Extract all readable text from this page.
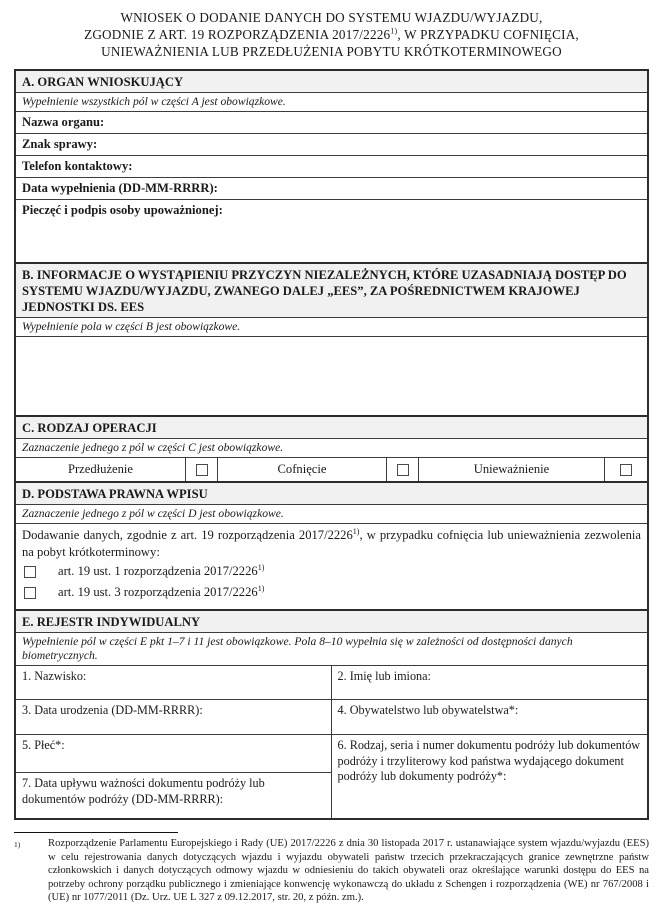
WNIOSEK O DODANIE DANYCH DO SYSTEMU WJAZDU/WYJAZDU,
ZGODNIE Z ART. 19 ROZPORZĄDZENIA 2017/2226$^{1)}$, W PRZYPADKU COFNIĘCIA,
UNIEWAŻNIENIA LUB PRZEDŁUŻENIA POBYTU KRÓTKOTERMINOWEGO
A. ORGAN WNIOSKUJĄCY
Wypełnienie wszystkich pól w części A jest obowiązkowe.
Nazwa organu:
Znak sprawy:
Telefon kontaktowy:
Data wypełnienia (DD-MM-RRRR):
Pieczęć i podpis osoby upoważnionej:
B. INFORMACJE O WYSTĄPIENIU PRZYCZYN NIEZALEŻNYCH, KTÓRE UZASADNIAJĄ DOSTĘP DO SYSTEMU WJAZDU/WYJAZDU, ZWANEGO DALEJ „EES”, ZA POŚREDNICTWEM KRAJOWEJ JEDNOSTKI DS. EES
Wypełnienie pola w części B jest obowiązkowe.
C. RODZAJ OPERACJI
Zaznaczenie jednego z pól w części C jest obowiązkowe.
Przedłużenie	Cofnięcie	Unieważnienie
D. PODSTAWA PRAWNA WPISU
Zaznaczenie jednego z pól w części D jest obowiązkowe.
Dodawanie danych, zgodnie z art. 19 rozporządzenia 2017/2226$^{1)}$, w przypadku cofnięcia lub unieważnienia zezwolenia na pobyt krótkoterminowy:
art. 19 ust. 1 rozporządzenia 2017/2226$^{1)}$
art. 19 ust. 3 rozporządzenia 2017/2226$^{1)}$
E. REJESTR INDYWIDUALNY
Wypełnienie pól w części E pkt 1–7 i 11 jest obowiązkowe. Pola 8–10 wypełnia się w zależności od dostępności danych biometrycznych.
1. Nazwisko:	2. Imię lub imiona:
3. Data urodzenia (DD-MM-RRRR):	4. Obywatelstwo lub obywatelstwa*:
5. Płeć*:	6. Rodzaj, seria i numer dokumentu podróży lub dokumentów podróży i trzyliterowy kod państwa wydającego dokument podróży lub dokumenty podróży*:
7. Data upływu ważności dokumentu podróży lub dokumentów podróży (DD-MM-RRRR):
1)	Rozporządzenie Parlamentu Europejskiego i Rady (UE) 2017/2226 z dnia 30 listopada 2017 r. ustanawiające system wjazdu/wyjazdu (EES) w celu rejestrowania danych dotyczących wjazdu i wyjazdu obywateli państw trzecich przekraczających granice zewnętrzne państw członkowskich i danych dotyczących odmowy wjazdu w odniesieniu do takich obywateli oraz określające warunki dostępu do EES na potrzeby ochrony porządku publicznego i zmieniające konwencję wykonawczą do układu z Schengen i rozporządzenia (WE) nr 767/2008 i (UE) nr 1077/2011 (Dz. Urz. UE L 327 z 09.12.2017, str. 20, z późn. zm.).
